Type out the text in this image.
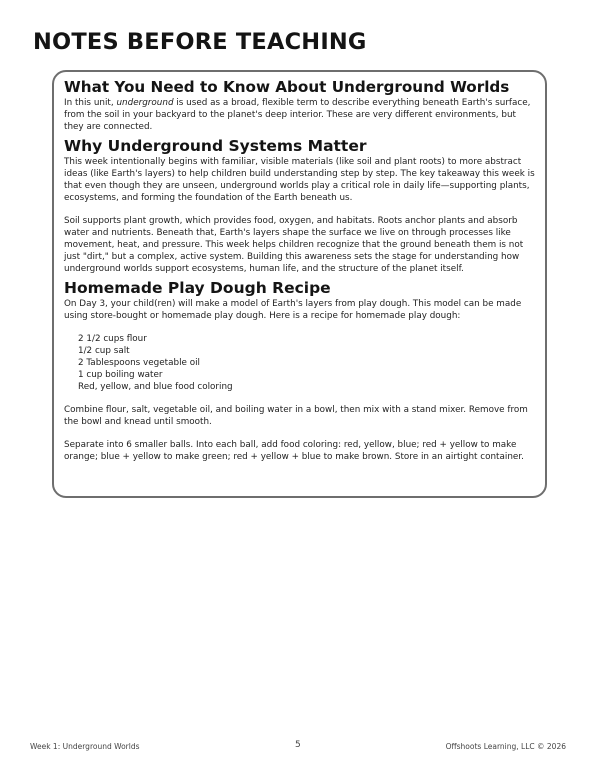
NOTES BEFORE TEACHING
What You Need to Know About Underground Worlds

In this unit, underground is used as a broad, flexible term to describe everything beneath Earth's surface, from the soil in your backyard to the planet's deep interior. These are very different environments, but they are connected.

Why Underground Systems Matter

This week intentionally begins with familiar, visible materials (like soil and plant roots) to more abstract ideas (like Earth's layers) to help children build understanding step by step. The key takeaway this week is that even though they are unseen, underground worlds play a critical role in daily life—supporting plants, ecosystems, and forming the foundation of the Earth beneath us.

Soil supports plant growth, which provides food, oxygen, and habitats. Roots anchor plants and absorb water and nutrients. Beneath that, Earth's layers shape the surface we live on through processes like movement, heat, and pressure. This week helps children recognize that the ground beneath them is not just "dirt," but a complex, active system. Building this awareness sets the stage for understanding how underground worlds support ecosystems, human life, and the structure of the planet itself.

Homemade Play Dough Recipe

On Day 3, your child(ren) will make a model of Earth's layers from play dough. This model can be made using store-bought or homemade play dough. Here is a recipe for homemade play dough:

2 1/2 cups flour
1/2 cup salt
2 Tablespoons vegetable oil
1 cup boiling water
Red, yellow, and blue food coloring

Combine flour, salt, vegetable oil, and boiling water in a bowl, then mix with a stand mixer. Remove from the bowl and knead until smooth.

Separate into 6 smaller balls. Into each ball, add food coloring: red, yellow, blue; red + yellow to make orange; blue + yellow to make green; red + yellow + blue to make brown. Store in an airtight container.

Week 1: Underground Worlds	5	Offshoots Learning, LLC © 2026
